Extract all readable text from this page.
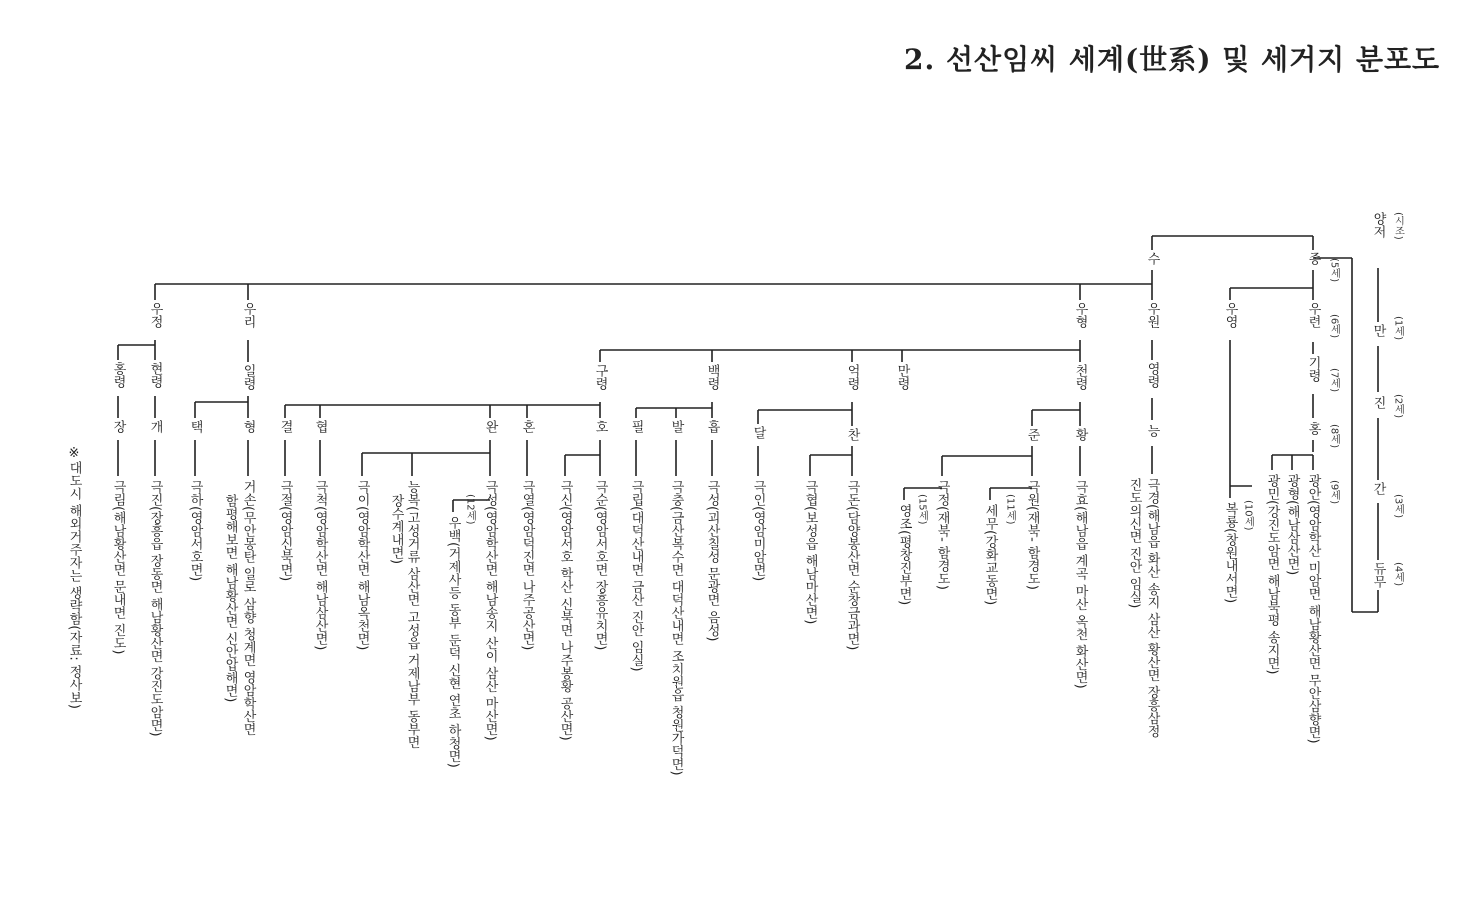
2. 선산임씨 세계(世系) 및 세거지 분포도
(시조)
(1세)
(2세)
(3세)
(4세)
(5세)
(6세)
(7세)
(8세)
(9세)
양저
만
진
간
듀무
종
수
우정	우리	우형	우원	우영	우련
홍령 현령	일령	구령	백령	억령	만령	천령	영령	기령
장 개 택	형 결 협	완 혼	호 필 발 흡 달	찬	준	황	능	홍
극림(해남황산면 문내면 진도) 극진(장흥읍 장동면 해남황산면 강진도암면) 극하(영암서호면)	거손(무안몽탄 일로 삼향 청계면 영암학산면
함평해보면 해남황산면 신안압해면)	극절(영암신북면) 극척(영암학산면 해남삼산면) 극이(영암학산면 해남옥천면)	능복(고성거류 삼산면 고성읍 거제남부 동부면
장수계내면)	극성(영암학산면 해남송지 산이 삼산 마산면)
(12세)
우백(거제사등 동부 둔덕 신현 연초 하청면)	극열(영암덕진면 나주공산면) 극신(영암서호 학산 신북면 나주봉황 공산면) 극순(영암서호면 장흥유치면) 극립(대덕산내면 금산 진안 임실) 극충(금산복수면 대덕산내면 조치원읍 청원가덕면) 극성(괴산칠성 문광면 음성) 극인(영암미암면)	극협(보성읍 해남마산면) 극돈(담양봉산면 순창금과면)	극정(재북- 함경도)
(15세)
영조(평창진부면)	극원(재북- 함경도)
(11세)
세무(강화교동면)	극효(해남읍 계곡 마산 옥천 화산면)	극경(해남읍 화산 송지 삼산 황산면 장흥삼정
진도의신면 진안 임실)	(10세)
복룡(창원내서면) 광민(강진도암면 해남북평 송지면) 광형(해남삼산면) 광안(영암학산 미암면 해남황산면 무안삼향면)
※대도시 해외거주자는 생략함(자료: 정사보)
